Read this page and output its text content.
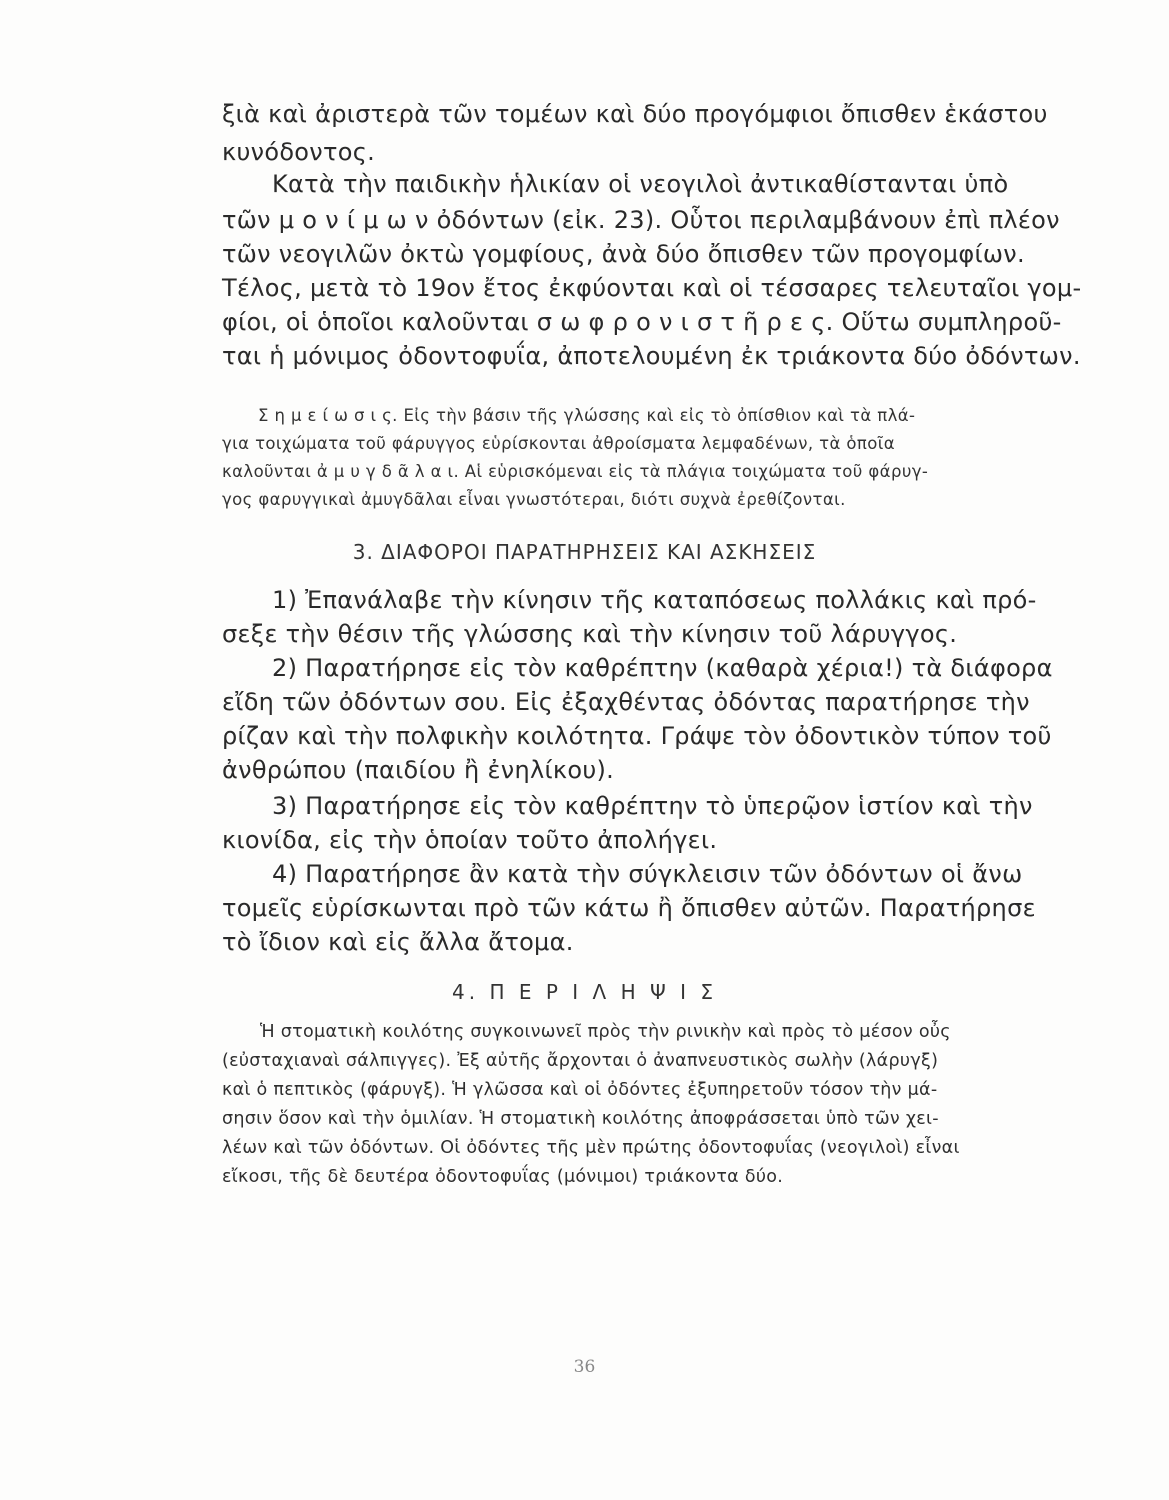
ξιὰ καὶ ἀριστερὰ τῶν τομέων καὶ δύο προγόμφιοι ὄπισθεν ἑκάστου
κυνόδοντος.
Κατὰ τὴν παιδικὴν ἡλικίαν οἱ νεογιλοὶ ἀντικαθίστανται ὑπὸ
τῶν μ ο ν ί μ ω ν ὀδόντων (εἰκ. 23). Οὗτοι περιλαμβάνουν ἐπὶ πλέον
τῶν νεογιλῶν ὀκτὼ γομφίους, ἀνὰ δύο ὄπισθεν τῶν προγομφίων.
Τέλος, μετὰ τὸ 19ον ἔτος ἐκφύονται καὶ οἱ τέσσαρες τελευταῖοι γομ-
φίοι, οἱ ὁποῖοι καλοῦνται σ ω φ ρ ο ν ι σ τ ῆ ρ ε ς. Οὕτω συμπληροῦ-
ται ἡ μόνιμος ὀδοντοφυΐα, ἀποτελουμένη ἐκ τριάκοντα δύο ὀδόντων.
Σ η μ ε ί ω σ ι ς. Εἰς τὴν βάσιν τῆς γλώσσης καὶ εἰς τὸ ὀπίσθιον καὶ τὰ πλά-
για τοιχώματα τοῦ φάρυγγος εὑρίσκονται ἀθροίσματα λεμφαδένων, τὰ ὁποῖα
καλοῦνται ἀ μ υ γ δ ᾶ λ α ι. Αἱ εὑρισκόμεναι εἰς τὰ πλάγια τοιχώματα τοῦ φάρυγ-
γος φαρυγγικαὶ ἀμυγδᾶλαι εἶναι γνωστότεραι, διότι συχνὰ ἐρεθίζονται.
3. ΔΙΑΦΟΡΟΙ ΠΑΡΑΤΗΡΗΣΕΙΣ ΚΑΙ ΑΣΚΗΣΕΙΣ
1) Ἐπανάλαβε τὴν κίνησιν τῆς καταπόσεως πολλάκις καὶ πρό-
σεξε τὴν θέσιν τῆς γλώσσης καὶ τὴν κίνησιν τοῦ λάρυγγος.
2) Παρατήρησε εἰς τὸν καθρέπτην (καθαρὰ χέρια!) τὰ διάφορα
εἴδη τῶν ὀδόντων σου. Εἰς ἐξαχθέντας ὀδόντας παρατήρησε τὴν
ρίζαν καὶ τὴν πολφικὴν κοιλότητα. Γράψε τὸν ὀδοντικὸν τύπον τοῦ
ἀνθρώπου (παιδίου ἢ ἐνηλίκου).
3) Παρατήρησε εἰς τὸν καθρέπτην τὸ ὑπερῷον ἱστίον καὶ τὴν
κιονίδα, εἰς τὴν ὁποίαν τοῦτο ἀπολήγει.
4) Παρατήρησε ἂν κατὰ τὴν σύγκλεισιν τῶν ὀδόντων οἱ ἄνω
τομεῖς εὑρίσκωνται πρὸ τῶν κάτω ἢ ὄπισθεν αὐτῶν. Παρατήρησε
τὸ ἴδιον καὶ εἰς ἄλλα ἄτομα.
4. Π Ε Ρ Ι Λ Η Ψ Ι Σ
Ἡ στοματικὴ κοιλότης συγκοινωνεῖ πρὸς τὴν ρινικὴν καὶ πρὸς τὸ μέσον οὖς
(εὐσταχιαναὶ σάλπιγγες). Ἐξ αὐτῆς ἄρχονται ὁ ἀναπνευστικὸς σωλὴν (λάρυγξ)
καὶ ὁ πεπτικὸς (φάρυγξ). Ἡ γλῶσσα καὶ οἱ ὀδόντες ἐξυπηρετοῦν τόσον τὴν μά-
σησιν ὅσον καὶ τὴν ὁμιλίαν. Ἡ στοματικὴ κοιλότης ἀποφράσσεται ὑπὸ τῶν χει-
λέων καὶ τῶν ὀδόντων. Οἱ ὀδόντες τῆς μὲν πρώτης ὀδοντοφυΐας (νεογιλοὶ) εἶναι
εἴκοσι, τῆς δὲ δευτέρα ὀδοντοφυΐας (μόνιμοι) τριάκοντα δύο.
36
